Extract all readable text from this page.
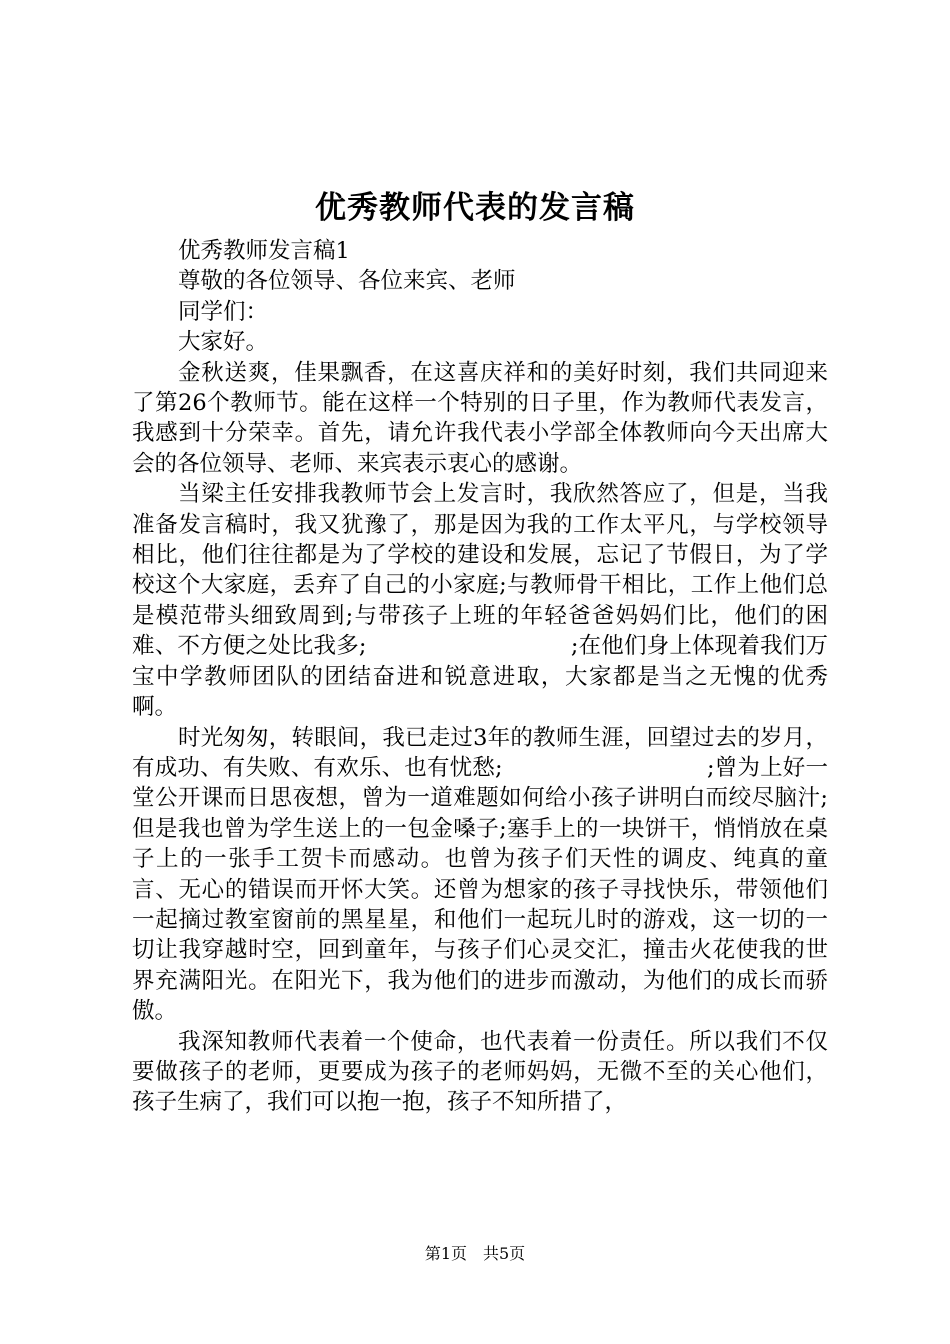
优秀教师代表的发言稿

优秀教师发言稿1

尊敬的各位领导、各位来宾、老师

同学们：

大家好。

金秋送爽，佳果飘香，在这喜庆祥和的美好时刻，我们共同迎来了第26个教师节。能在这样一个特别的日子里，作为教师代表发言，我感到十分荣幸。首先，请允许我代表小学部全体教师向今天出席大会的各位领导、老师、来宾表示衷心的感谢。

当梁主任安排我教师节会上发言时，我欣然答应了，但是，当我准备发言稿时，我又犹豫了，那是因为我的工作太平凡，与学校领导相比，他们往往都是为了学校的建设和发展，忘记了节假日，为了学校这个大家庭，丢弃了自己的小家庭;与教师骨干相比，工作上他们总是模范带头细致周到;与带孩子上班的年轻爸爸妈妈们比，他们的困难、不方便之处比我多;　　　　　　　　　;在他们身上体现着我们万宝中学教师团队的团结奋进和锐意进取，大家都是当之无愧的优秀啊。

时光匆匆，转眼间，我已走过3年的教师生涯，回望过去的岁月，有成功、有失败、有欢乐、也有忧愁;　　　　　　　　　;曾为上好一堂公开课而日思夜想，曾为一道难题如何给小孩子讲明白而绞尽脑汁;但是我也曾为学生送上的一包金嗓子;塞手上的一块饼干，悄悄放在桌子上的一张手工贺卡而感动。也曾为孩子们天性的调皮、纯真的童言、无心的错误而开怀大笑。还曾为想家的孩子寻找快乐，带领他们一起摘过教室窗前的黑星星，和他们一起玩儿时的游戏，这一切的一切让我穿越时空，回到童年，与孩子们心灵交汇，撞击火花使我的世界充满阳光。在阳光下，我为他们的进步而激动，为他们的成长而骄傲。

我深知教师代表着一个使命，也代表着一份责任。所以我们不仅要做孩子的老师，更要成为孩子的老师妈妈，无微不至的关心他们，孩子生病了，我们可以抱一抱，孩子不知所措了，

第1页　共5页
